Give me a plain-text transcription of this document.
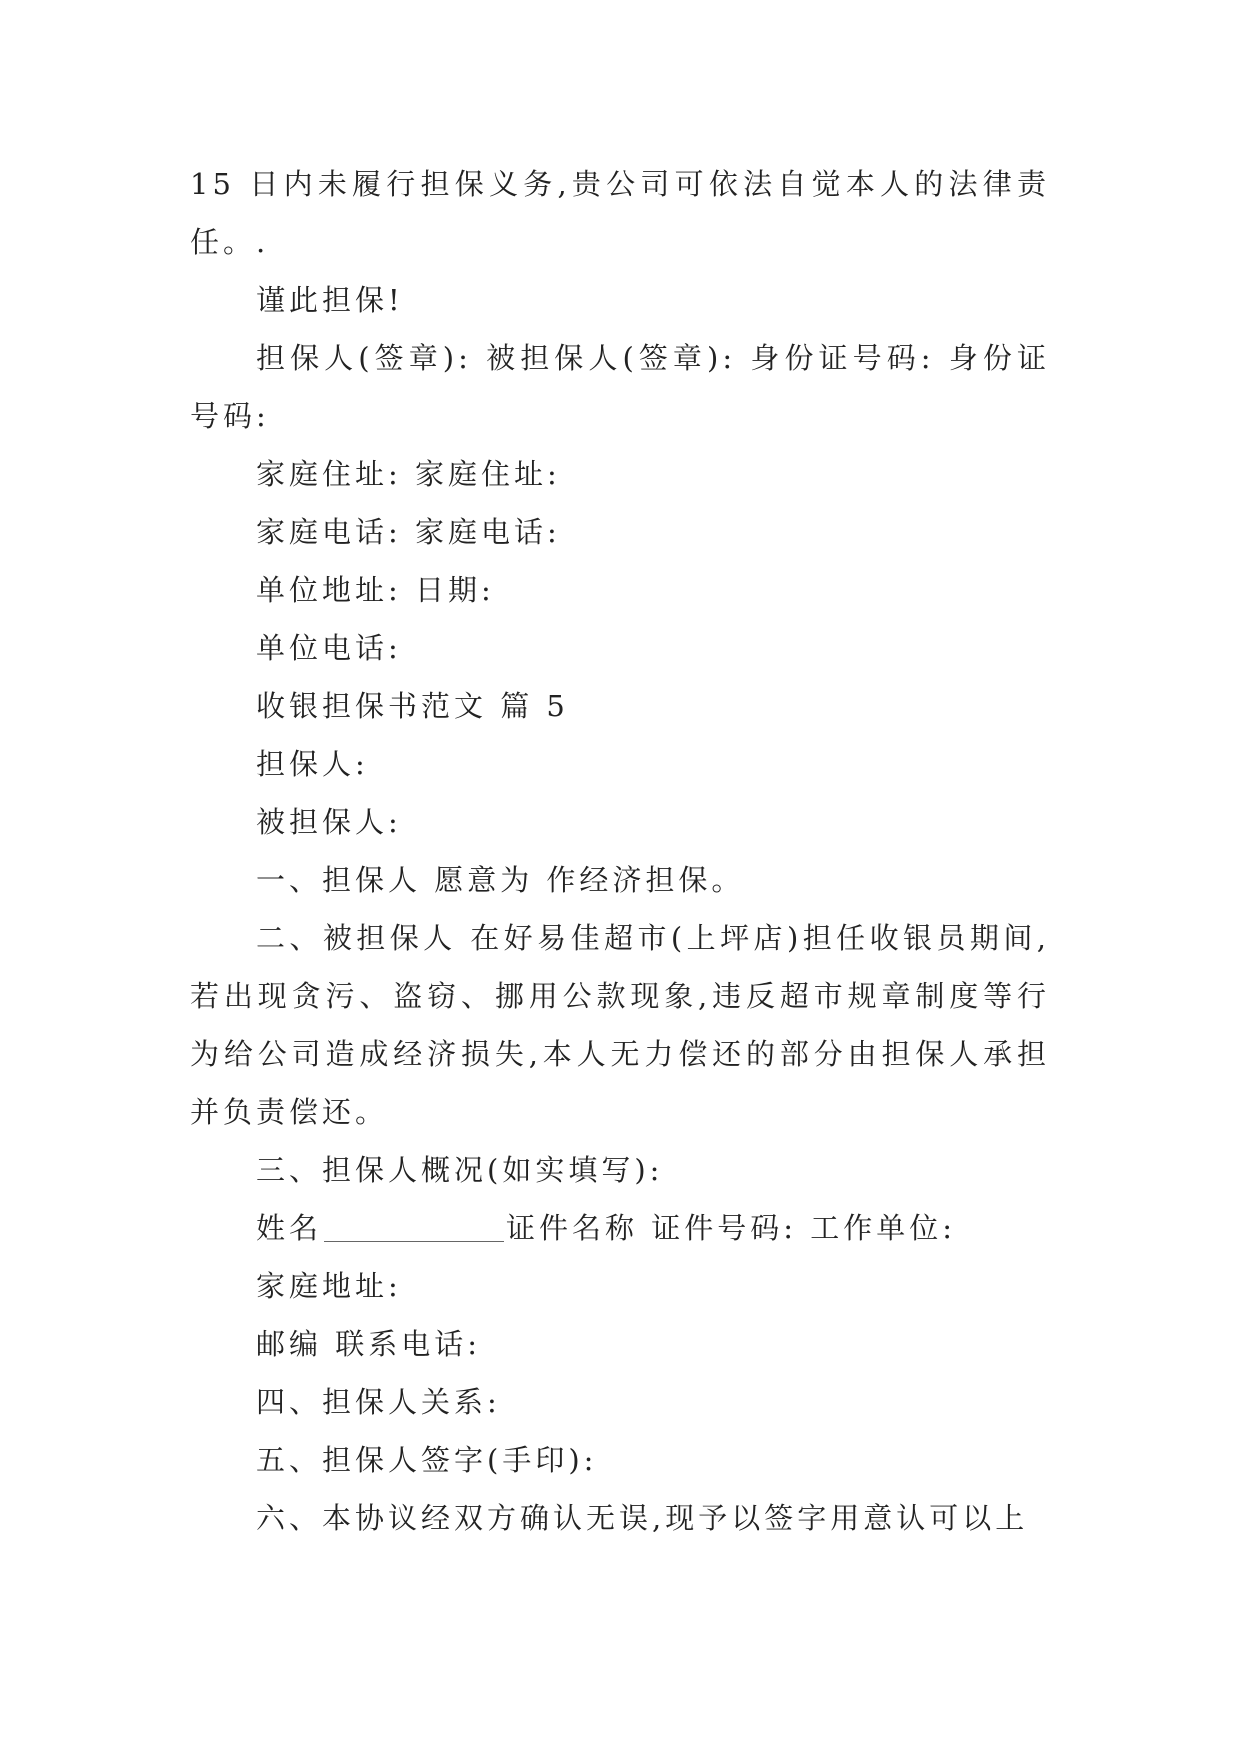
15 日内未履行担保义务,贵公司可依法自觉本人的法律责任。.

谨此担保!

担保人(签章): 被担保人(签章): 身份证号码: 身份证号码:

家庭住址: 家庭住址:

家庭电话: 家庭电话:

单位地址: 日期:

单位电话:

收银担保书范文 篇 5

担保人:

被担保人:

一、担保人 愿意为 作经济担保。

二、被担保人 在好易佳超市(上坪店)担任收银员期间,若出现贪污、盗窃、挪用公款现象,违反超市规章制度等行为给公司造成经济损失,本人无力偿还的部分由担保人承担并负责偿还。

三、担保人概况(如实填写):

姓名	证件名称 证件号码: 工作单位:

家庭地址:

邮编 联系电话:

四、担保人关系:

五、担保人签字(手印):

六、本协议经双方确认无误,现予以签字用意认可以上
